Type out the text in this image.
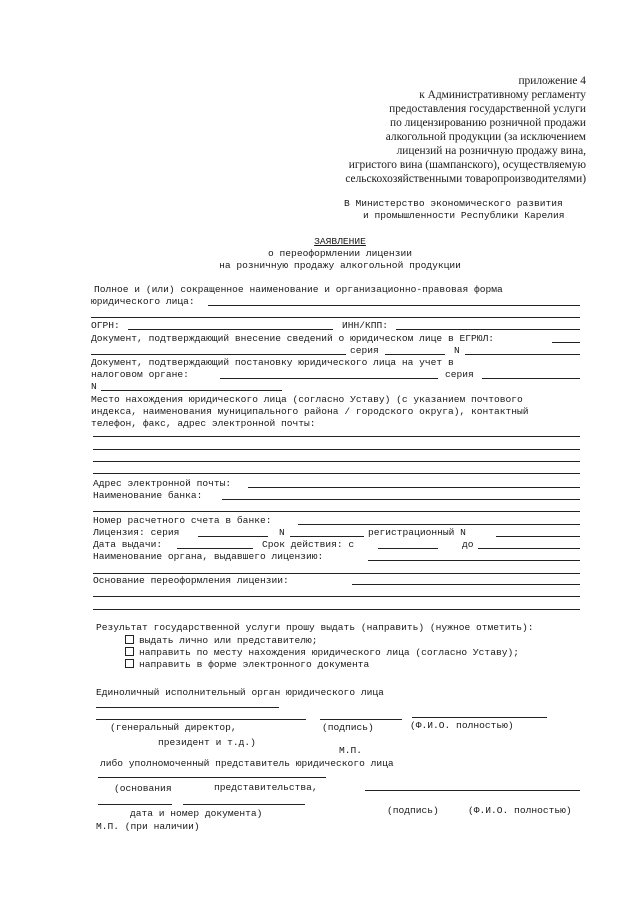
приложение 4
к Административному регламенту
предоставления государственной услуги
по лицензированию розничной продажи
алкогольной продукции (за исключением
лицензий на розничную продажу вина,
игристого вина (шампанского), осуществляемую
сельскохозяйственными товаропроизводителями)
В Министерство экономического развития
и промышленности Республики Карелия
ЗАЯВЛЕНИЕ
о переоформлении лицензии
на розничную продажу алкогольной продукции
Полное и (или) сокращенное наименование и организационно-правовая форма
юридического лица:
ОГРН:	ИНН/КПП:
Документ, подтверждающий внесение сведений о юридическом лице в ЕГРЮЛ:
серия	N
Документ, подтверждающий постановку юридического лица на учет в
налоговом органе:	серия
N
Место нахождения юридического лица (согласно Уставу) (с указанием почтового
индекса, наименования муниципального района / городского округа), контактный
телефон, факс, адрес электронной почты:
Адрес электронной почты:
Наименование банка:
Номер расчетного счета в банке:
Лицензия: серия	N	регистрационный N
Дата выдачи:	Срок действия: с	до
Наименование органа, выдавшего лицензию:
Основание переоформления лицензии:
Результат государственной услуги прошу выдать (направить) (нужное отметить):
выдать лично или представителю;
направить по месту нахождения юридического лица (согласно Уставу);
направить в форме электронного документа
Единоличный исполнительный орган юридического лица
(генеральный директор,	(подпись)	(Ф.И.О. полностью)
президент и т.д.)
М.П.
либо уполномоченный представитель юридического лица
(основания	представительства,
дата и номер документа)	(подпись)	(Ф.И.О. полностью)
М.П. (при наличии)
